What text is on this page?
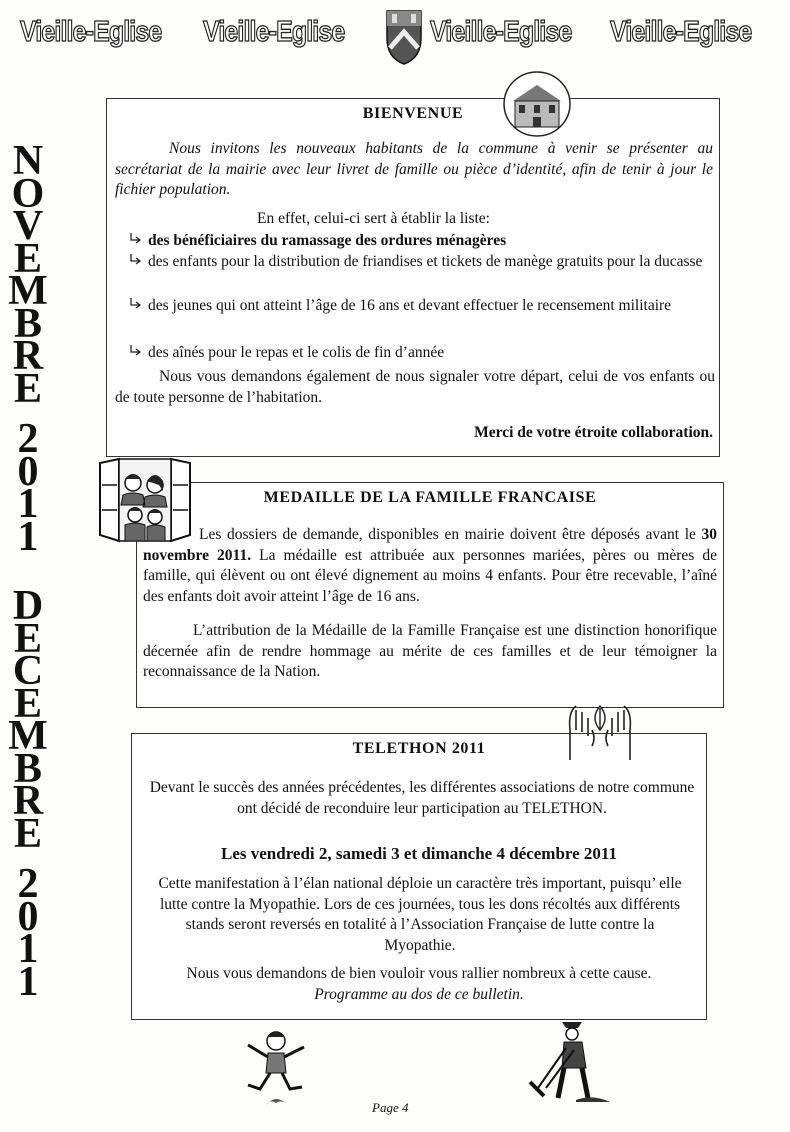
Vieille-Eglise Vieille-Eglise	Vieille-Eglise Vieille-Eglise
N
O
V
E
M
B
R
E
2
0
1
1
D
E
C
E
M
B
R
E
2
0
1
1
BIENVENUE
Nous invitons les nouveaux habitants de la commune à venir se présenter au secrétariat de la mairie avec leur livret de famille ou pièce d’identité, afin de tenir à jour le fichier population.
En effet, celui-ci sert à établir la liste:
des bénéficiaires du ramassage des ordures ménagères
des enfants pour la distribution de friandises et tickets de manège gratuits pour la ducasse
des jeunes qui ont atteint l’âge de 16 ans et devant effectuer le recensement militaire
des aînés pour le repas et le colis de fin d’année
Nous vous demandons également de nous signaler votre départ, celui de vos enfants ou de toute personne de l’habitation.
Merci de votre étroite collaboration.
MEDAILLE DE LA FAMILLE FRANCAISE
Les dossiers de demande, disponibles en mairie doivent être déposés avant le 30 novembre 2011. La médaille est attribuée aux personnes mariées, pères ou mères de famille, qui élèvent ou ont élevé dignement au moins 4 enfants. Pour être recevable, l’aîné des enfants doit avoir atteint l’âge de 16 ans.
L’attribution de la Médaille de la Famille Française est une distinction honorifique décernée afin de rendre hommage au mérite de ces familles et de leur témoigner la reconnaissance de la Nation.
TELETHON 2011
Devant le succès des années précédentes, les différentes associations de notre commune ont décidé de reconduire leur participation au TELETHON.
Les vendredi 2, samedi 3 et dimanche 4 décembre 2011
Cette manifestation à l’élan national déploie un caractère très important, puisqu’ elle lutte contre la Myopathie. Lors de ces journées, tous les dons récoltés aux différents stands seront reversés en totalité à l’Association Française de lutte contre la Myopathie.
Nous vous demandons de bien vouloir vous rallier nombreux à cette cause.
Programme au dos de ce bulletin.
Page 4
